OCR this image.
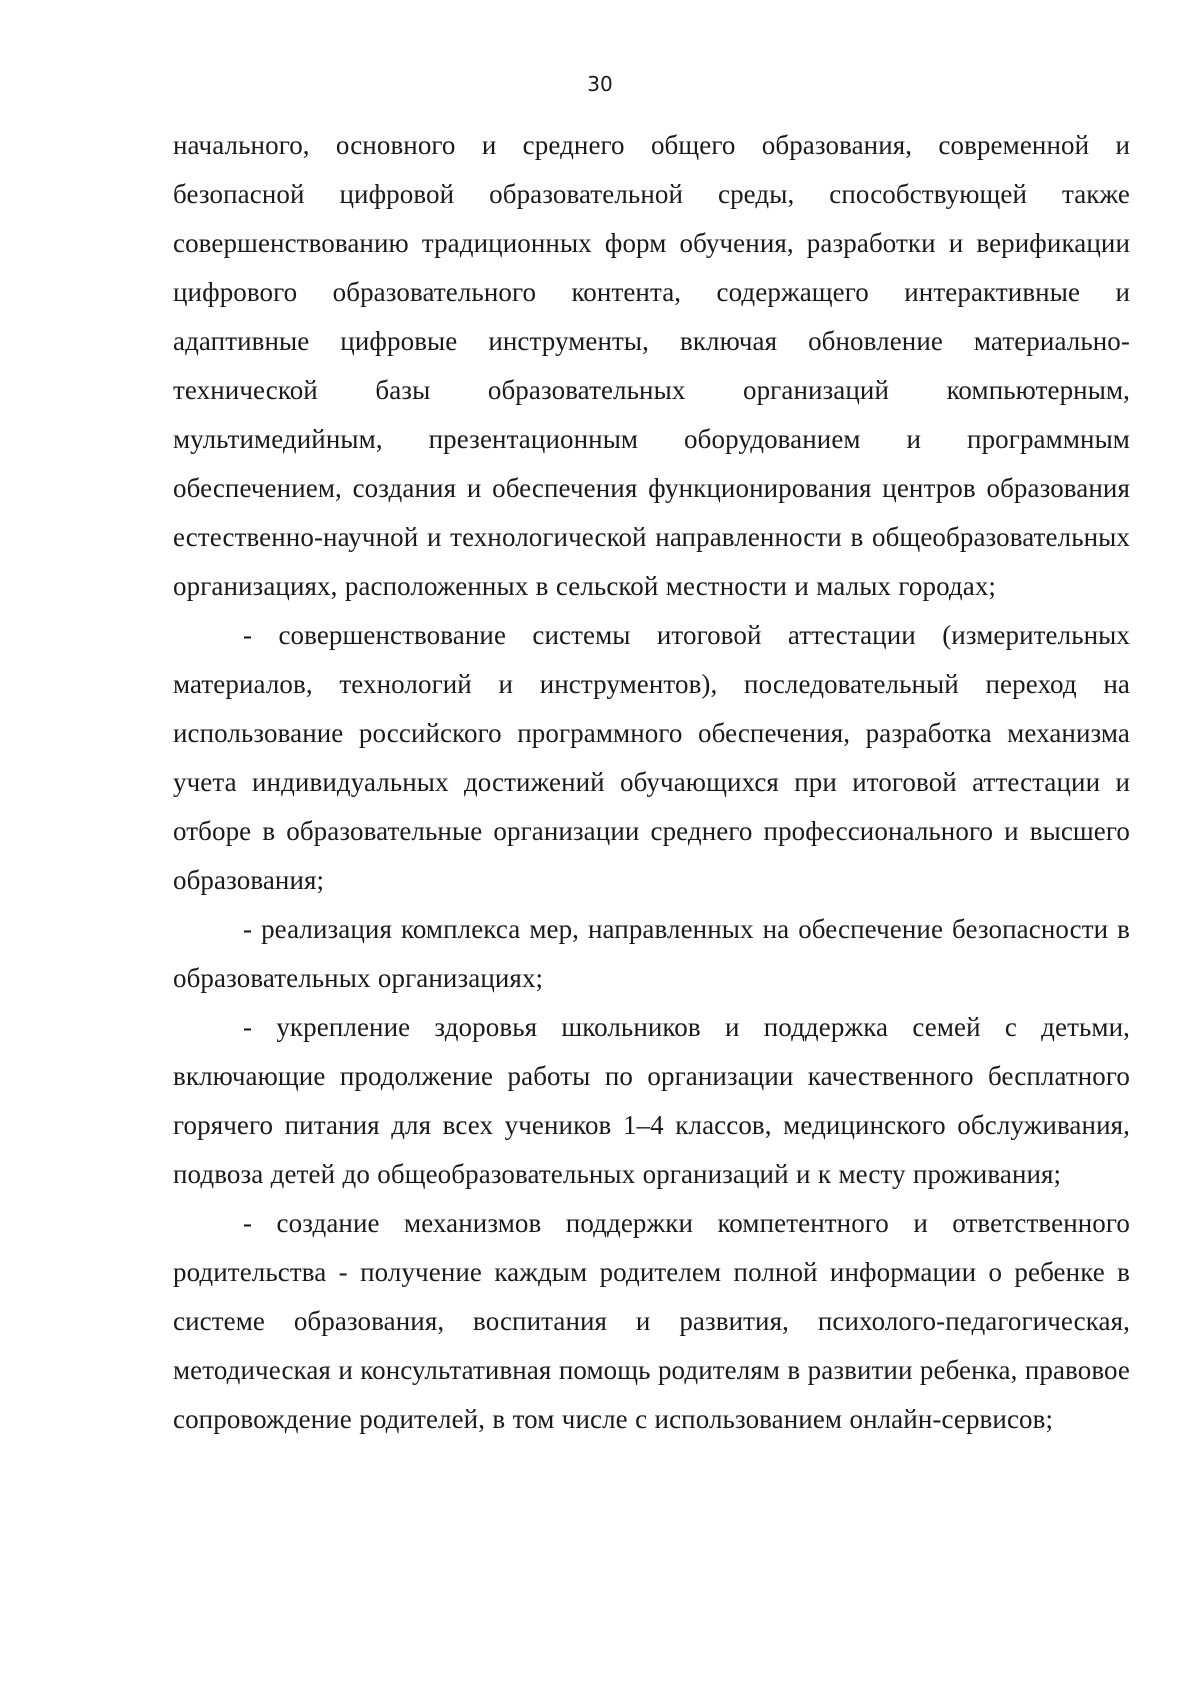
30

начального, основного и среднего общего образования, современной и безопасной цифровой образовательной среды, способствующей также совершенствованию традиционных форм обучения, разработки и верификации цифрового образовательного контента, содержащего интерактивные и адаптивные цифровые инструменты, включая обновление материально-технической базы образовательных организаций компьютерным, мультимедийным, презентационным оборудованием и программным обеспечением, создания и обеспечения функционирования центров образования естественно-научной и технологической направленности в общеобразовательных организациях, расположенных в сельской местности и малых городах;

- совершенствование системы итоговой аттестации (измерительных материалов, технологий и инструментов), последовательный переход на использование российского программного обеспечения, разработка механизма учета индивидуальных достижений обучающихся при итоговой аттестации и отборе в образовательные организации среднего профессионального и высшего образования;

- реализация комплекса мер, направленных на обеспечение безопасности в образовательных организациях;

- укрепление здоровья школьников и поддержка семей с детьми, включающие продолжение работы по организации качественного бесплатного горячего питания для всех учеников 1–4 классов, медицинского обслуживания, подвоза детей до общеобразовательных организаций и к месту проживания;

- создание механизмов поддержки компетентного и ответственного родительства - получение каждым родителем полной информации о ребенке в системе образования, воспитания и развития, психолого-педагогическая, методическая и консультативная помощь родителям в развитии ребенка, правовое сопровождение родителей, в том числе с использованием онлайн-сервисов;
